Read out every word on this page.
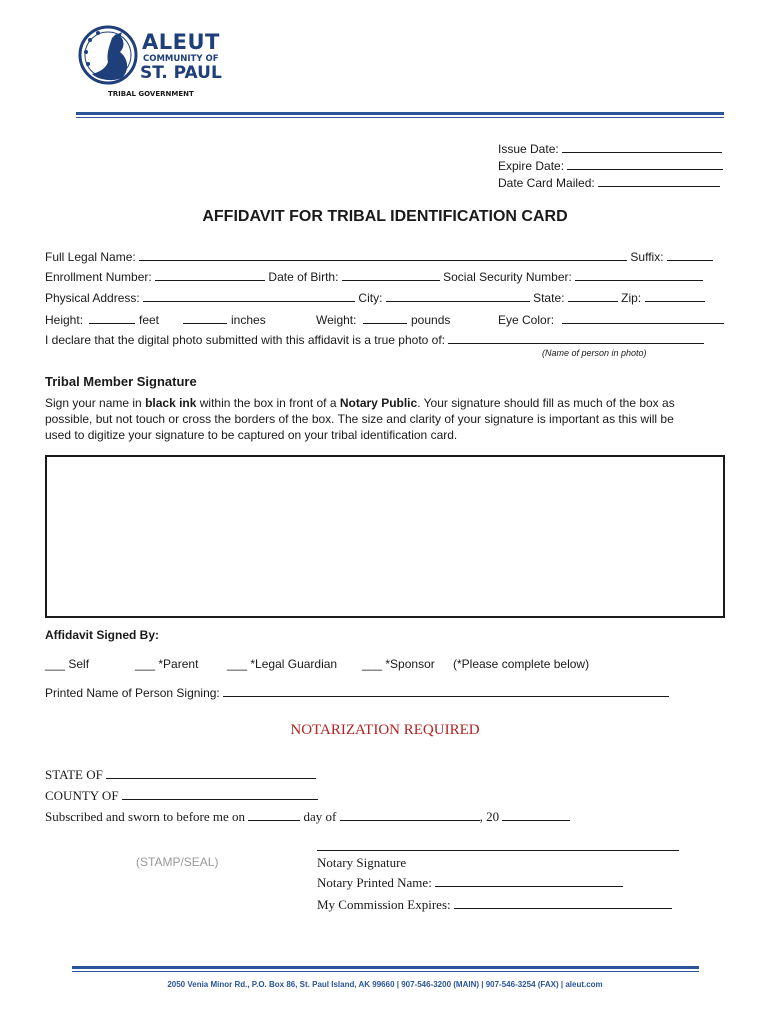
ALEUT
COMMUNITY OF
ST. PAUL
TRIBAL GOVERNMENT
Issue Date:
Expire Date:
Date Card Mailed:
AFFIDAVIT FOR TRIBAL IDENTIFICATION CARD
Full Legal Name:	Suffix:
Enrollment Number:	Date of Birth:	Social Security Number:
Physical Address:	City:	State:	Zip:
Height:	feet	inches	Weight:	pounds	Eye Color:
I declare that the digital photo submitted with this affidavit is a true photo of:
(Name of person in photo)
Tribal Member Signature
Sign your name in black ink within the box in front of a Notary Public. Your signature should fill as much of the box as
possible, but not touch or cross the borders of the box. The size and clarity of your signature is important as this will be
used to digitize your signature to be captured on your tribal identification card.
Affidavit Signed By:
___ Self	___ *Parent ___ *Legal Guardian ___ *Sponsor (*Please complete below)
Printed Name of Person Signing:
NOTARIZATION REQUIRED
STATE OF
COUNTY OF
Subscribed and sworn to before me on	day of	, 20
(STAMP/SEAL)	Notary Signature
Notary Printed Name:
My Commission Expires:
2050 Venia Minor Rd., P.O. Box 86, St. Paul Island, AK 99660 | 907-546-3200 (MAIN) | 907-546-3254 (FAX) | aleut.com
